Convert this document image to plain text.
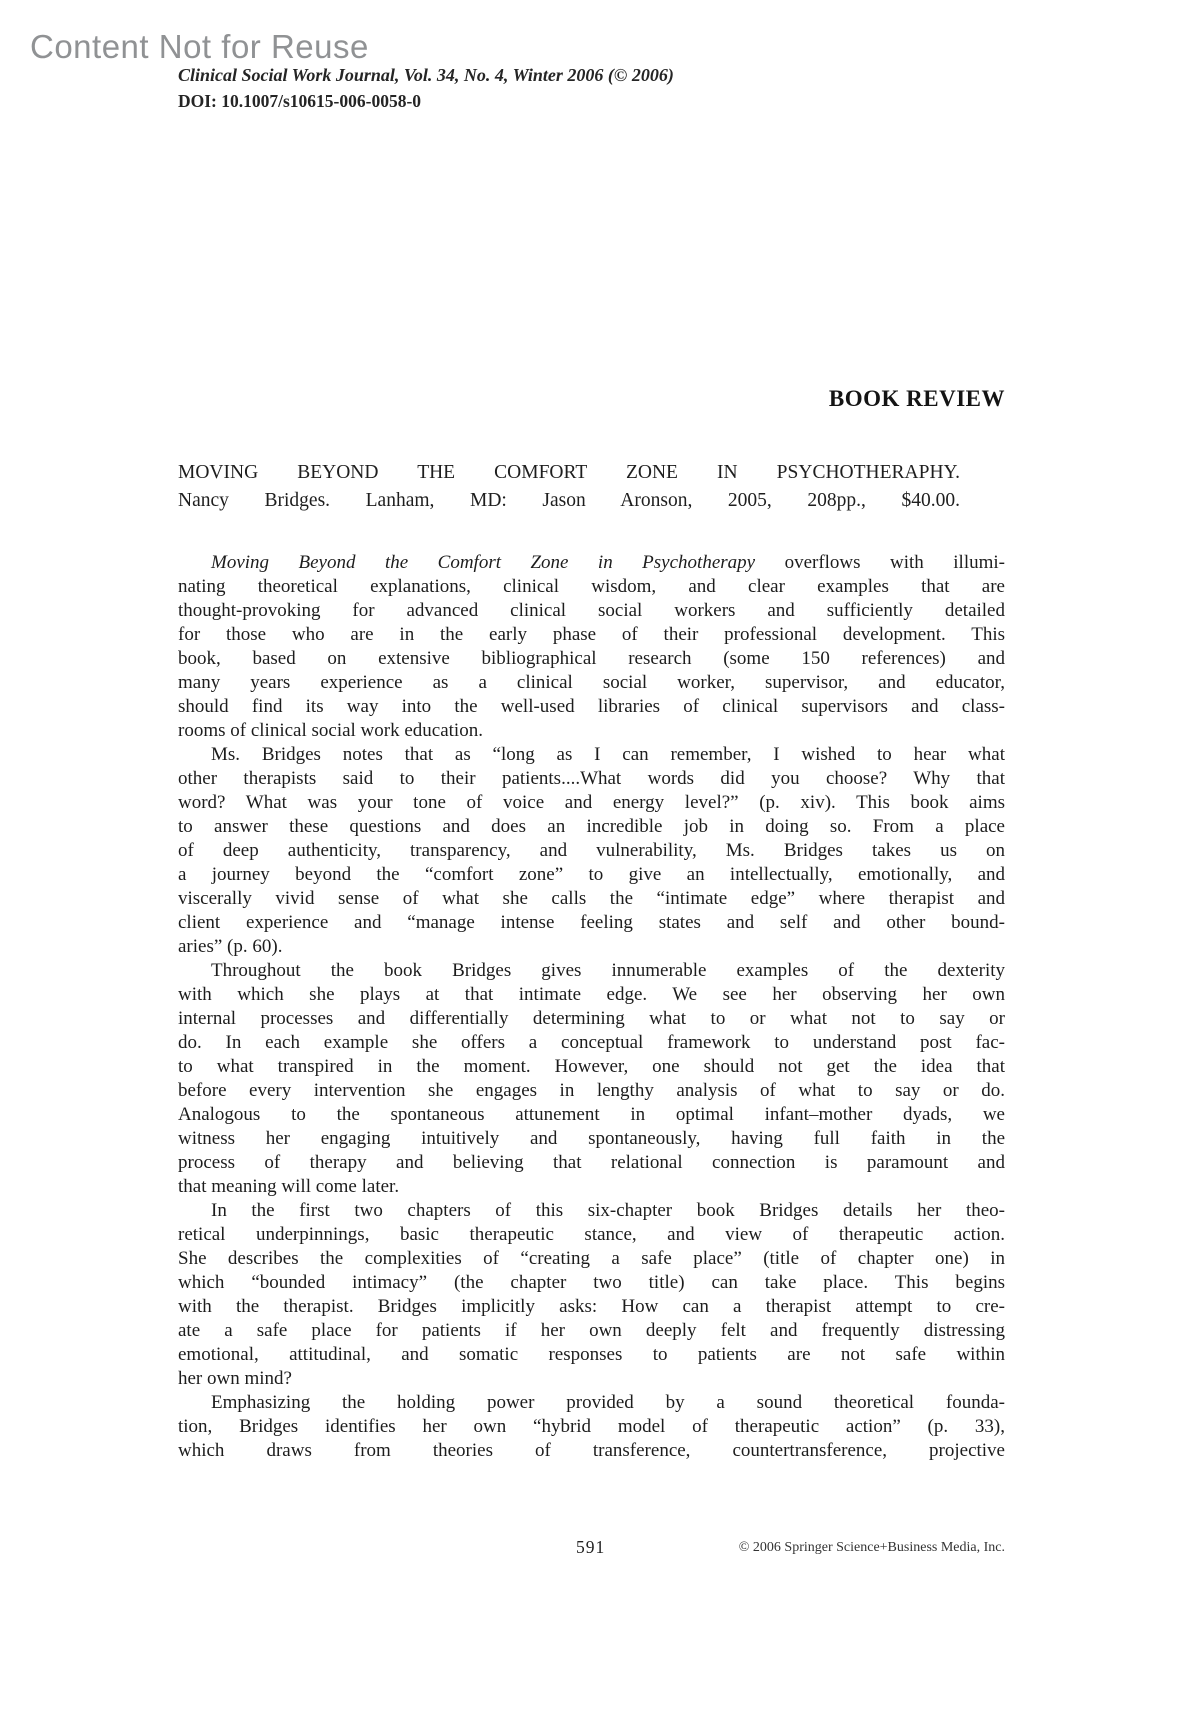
Content Not for Reuse
Clinical Social Work Journal, Vol. 34, No. 4, Winter 2006 (© 2006)
DOI: 10.1007/s10615-006-0058-0
BOOK REVIEW
MOVING BEYOND THE COMFORT ZONE IN PSYCHOTHERAPHY.
Nancy Bridges. Lanham, MD: Jason Aronson, 2005, 208pp., $40.00.
Moving Beyond the Comfort Zone in Psychotherapy overflows with illumi-
nating theoretical explanations, clinical wisdom, and clear examples that are
thought-provoking for advanced clinical social workers and sufficiently detailed
for those who are in the early phase of their professional development. This
book, based on extensive bibliographical research (some 150 references) and
many years experience as a clinical social worker, supervisor, and educator,
should find its way into the well-used libraries of clinical supervisors and class-
rooms of clinical social work education.
Ms. Bridges notes that as “long as I can remember, I wished to hear what
other therapists said to their patients....What words did you choose? Why that
word? What was your tone of voice and energy level?” (p. xiv). This book aims
to answer these questions and does an incredible job in doing so. From a place
of deep authenticity, transparency, and vulnerability, Ms. Bridges takes us on
a journey beyond the “comfort zone” to give an intellectually, emotionally, and
viscerally vivid sense of what she calls the “intimate edge” where therapist and
client experience and “manage intense feeling states and self and other bound-
aries” (p. 60).
Throughout the book Bridges gives innumerable examples of the dexterity
with which she plays at that intimate edge. We see her observing her own
internal processes and differentially determining what to or what not to say or
do. In each example she offers a conceptual framework to understand post fac-
to what transpired in the moment. However, one should not get the idea that
before every intervention she engages in lengthy analysis of what to say or do.
Analogous to the spontaneous attunement in optimal infant–mother dyads, we
witness her engaging intuitively and spontaneously, having full faith in the
process of therapy and believing that relational connection is paramount and
that meaning will come later.
In the first two chapters of this six-chapter book Bridges details her theo-
retical underpinnings, basic therapeutic stance, and view of therapeutic action.
She describes the complexities of “creating a safe place” (title of chapter one) in
which “bounded intimacy” (the chapter two title) can take place. This begins
with the therapist. Bridges implicitly asks: How can a therapist attempt to cre-
ate a safe place for patients if her own deeply felt and frequently distressing
emotional, attitudinal, and somatic responses to patients are not safe within
her own mind?
Emphasizing the holding power provided by a sound theoretical founda-
tion, Bridges identifies her own “hybrid model of therapeutic action” (p. 33),
which draws from theories of transference, countertransference, projective
591	© 2006 Springer Science+Business Media, Inc.
